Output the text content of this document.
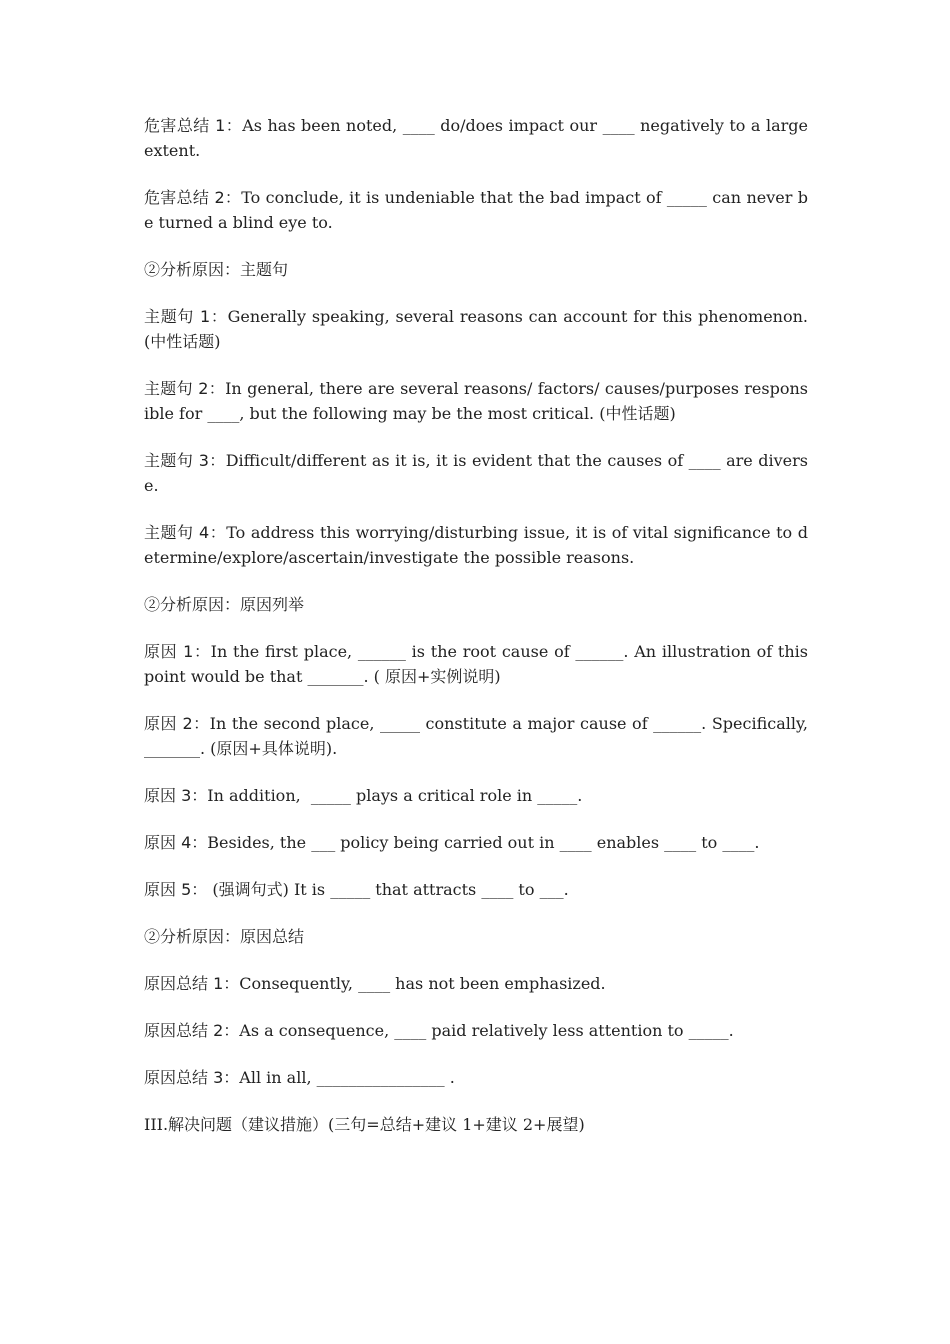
危害总结 1：As has been noted, ____ do/does impact our ____ negatively to a large extent.

危害总结 2：To conclude, it is undeniable that the bad impact of _____ can never be turned a blind eye to.

②分析原因：主题句

主题句 1：Generally speaking, several reasons can account for this phenomenon. (中性话题)

主题句 2：In general, there are several reasons/ factors/ causes/purposes responsible for ____, but the following may be the most critical. (中性话题)

主题句 3：Difficult/different as it is, it is evident that the causes of ____ are diverse.

主题句 4：To address this worrying/disturbing issue, it is of vital significance to determine/explore/ascertain/investigate the possible reasons.

②分析原因：原因列举

原因 1：In the first place, ______ is the root cause of ______. An illustration of this point would be that _______. ( 原因+实例说明)

原因 2：In the second place, _____ constitute a major cause of ______. Specifically, _______. (原因+具体说明).

原因 3：In addition,  _____ plays a critical role in _____.

原因 4：Besides, the ___ policy being carried out in ____ enables ____ to ____.

原因 5： (强调句式) It is _____ that attracts ____ to ___.

②分析原因：原因总结

原因总结 1：Consequently, ____ has not been emphasized.

原因总结 2：As a consequence, ____ paid relatively less attention to _____.

原因总结 3：All in all, ________________ .

III.解决问题（建议措施）(三句=总结+建议 1+建议 2+展望)
